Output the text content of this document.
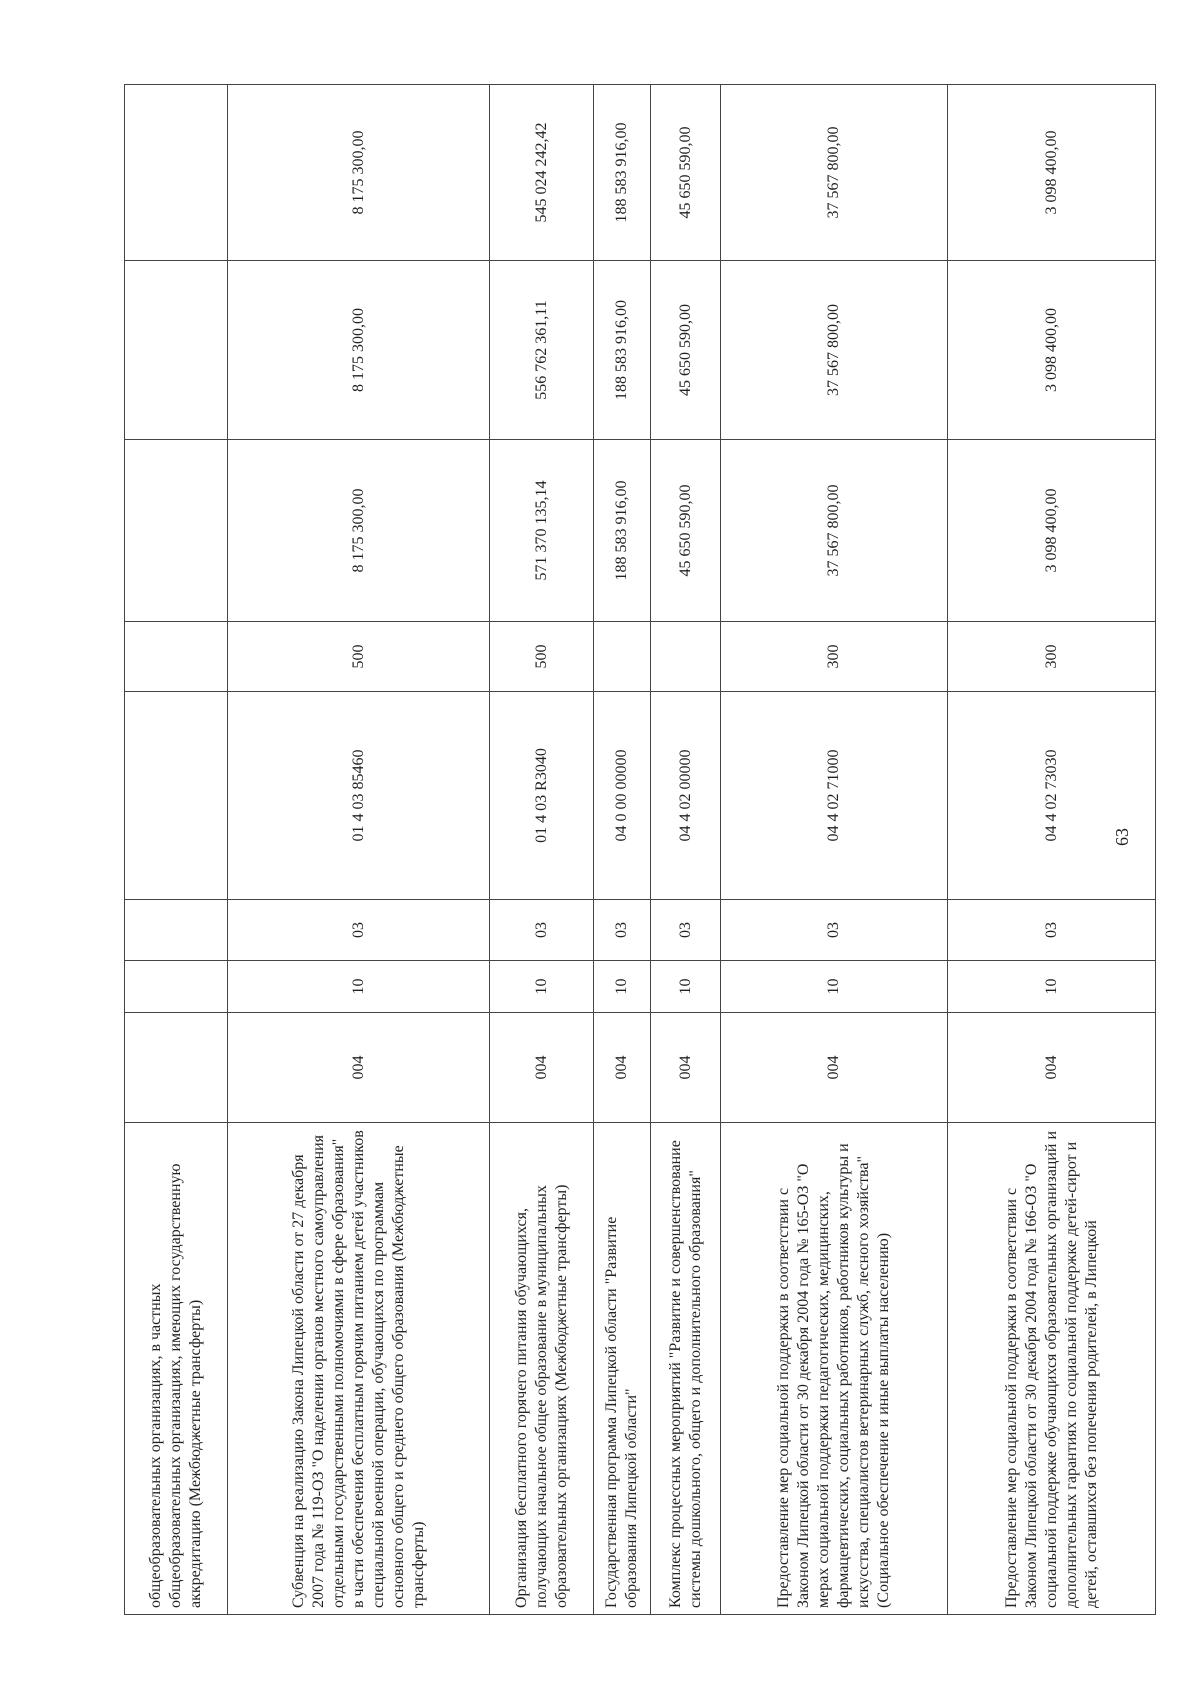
63
общеобразовательных организациях, в частных общеобразовательных организациях, имеющих государственную аккредитацию (Межбюджетные трансферты)								
Субвенция на реализацию Закона Липецкой области от 27 декабря 2007 года № 119-ОЗ "О наделении органов местного самоуправления отдельными государственными полномочиями в сфере образования" в части обеспечения бесплатным горячим питанием детей участников специальной военной операции, обучающихся по программам основного общего и среднего общего образования (Межбюджетные трансферты)	004	10	03	01 4 03 85460	500	8 175 300,00	8 175 300,00	8 175 300,00
Организация бесплатного горячего питания обучающихся, получающих начальное общее образование в муниципальных образовательных организациях (Межбюджетные трансферты)	004	10	03	01 4 03 R3040	500	571 370 135,14	556 762 361,11	545 024 242,42
Государственная программа Липецкой области "Развитие образования Липецкой области"	004	10	03	04 0 00 00000		188 583 916,00	188 583 916,00	188 583 916,00
Комплекс процессных мероприятий "Развитие и совершенствование системы дошкольного, общего и дополнительного образования"	004	10	03	04 4 02 00000		45 650 590,00	45 650 590,00	45 650 590,00
Предоставление мер социальной поддержки в соответствии с Законом Липецкой области от 30 декабря 2004 года № 165-ОЗ "О мерах социальной поддержки педагогических, медицинских, фармацевтических, социальных работников, работников культуры и искусства, специалистов ветеринарных служб, лесного хозяйства" (Социальное обеспечение и иные выплаты населению)	004	10	03	04 4 02 71000	300	37 567 800,00	37 567 800,00	37 567 800,00
Предоставление мер социальной поддержки в соответствии с Законом Липецкой области от 30 декабря 2004 года № 166-ОЗ "О социальной поддержке обучающихся образовательных организаций и дополнительных гарантиях по социальной поддержке детей-сирот и детей, оставшихся без попечения родителей, в Липецкой	004	10	03	04 4 02 73030	300	3 098 400,00	3 098 400,00	3 098 400,00
